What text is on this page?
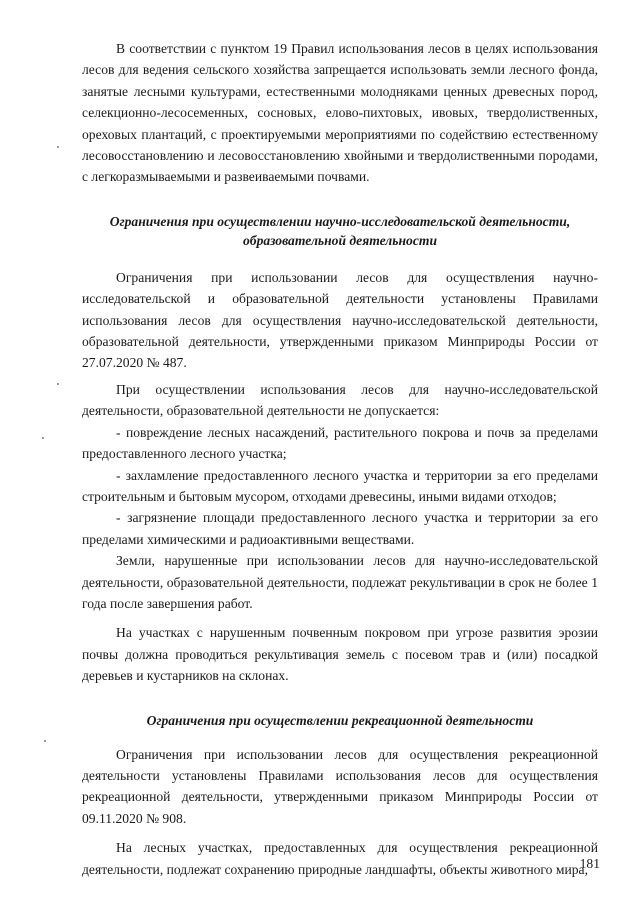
В соответствии с пунктом 19 Правил использования лесов в целях использования лесов для ведения сельского хозяйства запрещается использовать земли лесного фонда, занятые лесными культурами, естественными молодняками ценных древесных пород, селекционно-лесосеменных, сосновых, елово-пихтовых, ивовых, твердолиственных, ореховых плантаций, с проектируемыми мероприятиями по содействию естественному лесовосстановлению и лесовосстановлению хвойными и твердолиственными породами, с легкоразмываемыми и развеиваемыми почвами.

Ограничения при осуществлении научно-исследовательской деятельности,
образовательной деятельности

Ограничения при использовании лесов для осуществления научно-исследовательской и образовательной деятельности установлены Правилами использования лесов для осуществления научно-исследовательской деятельности, образовательной деятельности, утвержденными приказом Минприроды России от 27.07.2020 № 487.

При осуществлении использования лесов для научно-исследовательской деятельности, образовательной деятельности не допускается:

- повреждение лесных насаждений, растительного покрова и почв за пределами предоставленного лесного участка;

- захламление предоставленного лесного участка и территории за его пределами строительным и бытовым мусором, отходами древесины, иными видами отходов;

- загрязнение площади предоставленного лесного участка и территории за его пределами химическими и радиоактивными веществами.

Земли, нарушенные при использовании лесов для научно-исследовательской деятельности, образовательной деятельности, подлежат рекультивации в срок не более 1 года после завершения работ.

На участках с нарушенным почвенным покровом при угрозе развития эрозии почвы должна проводиться рекультивация земель с посевом трав и (или) посадкой деревьев и кустарников на склонах.

Ограничения при осуществлении рекреационной деятельности

Ограничения при использовании лесов для осуществления рекреационной деятельности установлены Правилами использования лесов для осуществления рекреационной деятельности, утвержденными приказом Минприроды России от 09.11.2020 № 908.

На лесных участках, предоставленных для осуществления рекреационной деятельности, подлежат сохранению природные ландшафты, объекты животного мира,

181
